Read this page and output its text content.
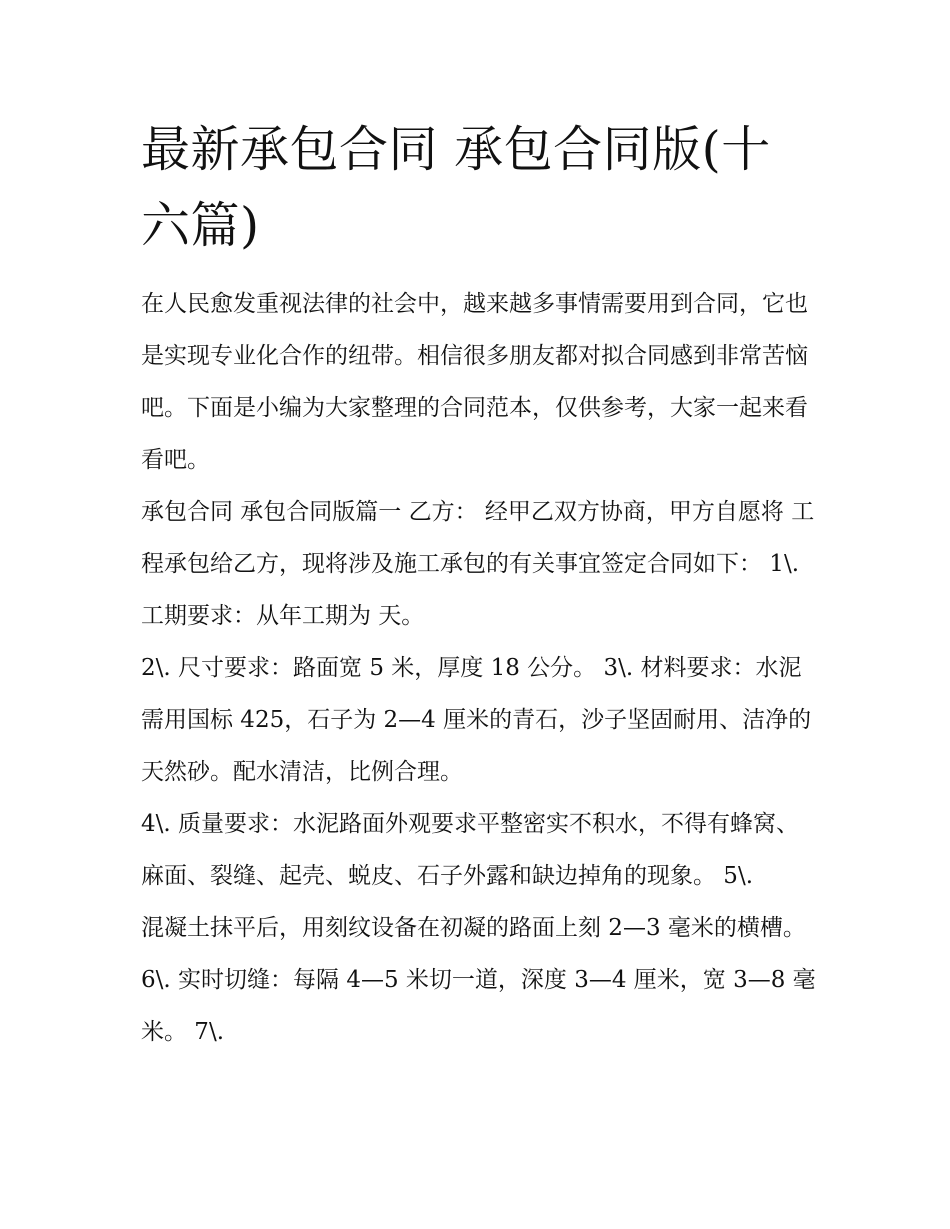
最新承包合同 承包合同版(十六篇)

在人民愈发重视法律的社会中，越来越多事情需要用到合同，它也是实现专业化合作的纽带。相信很多朋友都对拟合同感到非常苦恼吧。下面是小编为大家整理的合同范本，仅供参考，大家一起来看看吧。

承包合同 承包合同版篇一 乙方： 经甲乙双方协商，甲方自愿将 工程承包给乙方，现将涉及施工承包的有关事宜签定合同如下： 1\. 工期要求：从年工期为 天。

2\. 尺寸要求：路面宽 5 米，厚度 18 公分。 3\. 材料要求：水泥需用国标 425，石子为 2—4 厘米的青石，沙子坚固耐用、洁净的天然砂。配水清洁，比例合理。

4\. 质量要求：水泥路面外观要求平整密实不积水，不得有蜂窝、麻面、裂缝、起壳、蜕皮、石子外露和缺边掉角的现象。 5\.

混凝土抹平后，用刻纹设备在初凝的路面上刻 2—3 毫米的横槽。 6\. 实时切缝：每隔 4—5 米切一道，深度 3—4 厘米，宽 3—8 毫米。 7\.
